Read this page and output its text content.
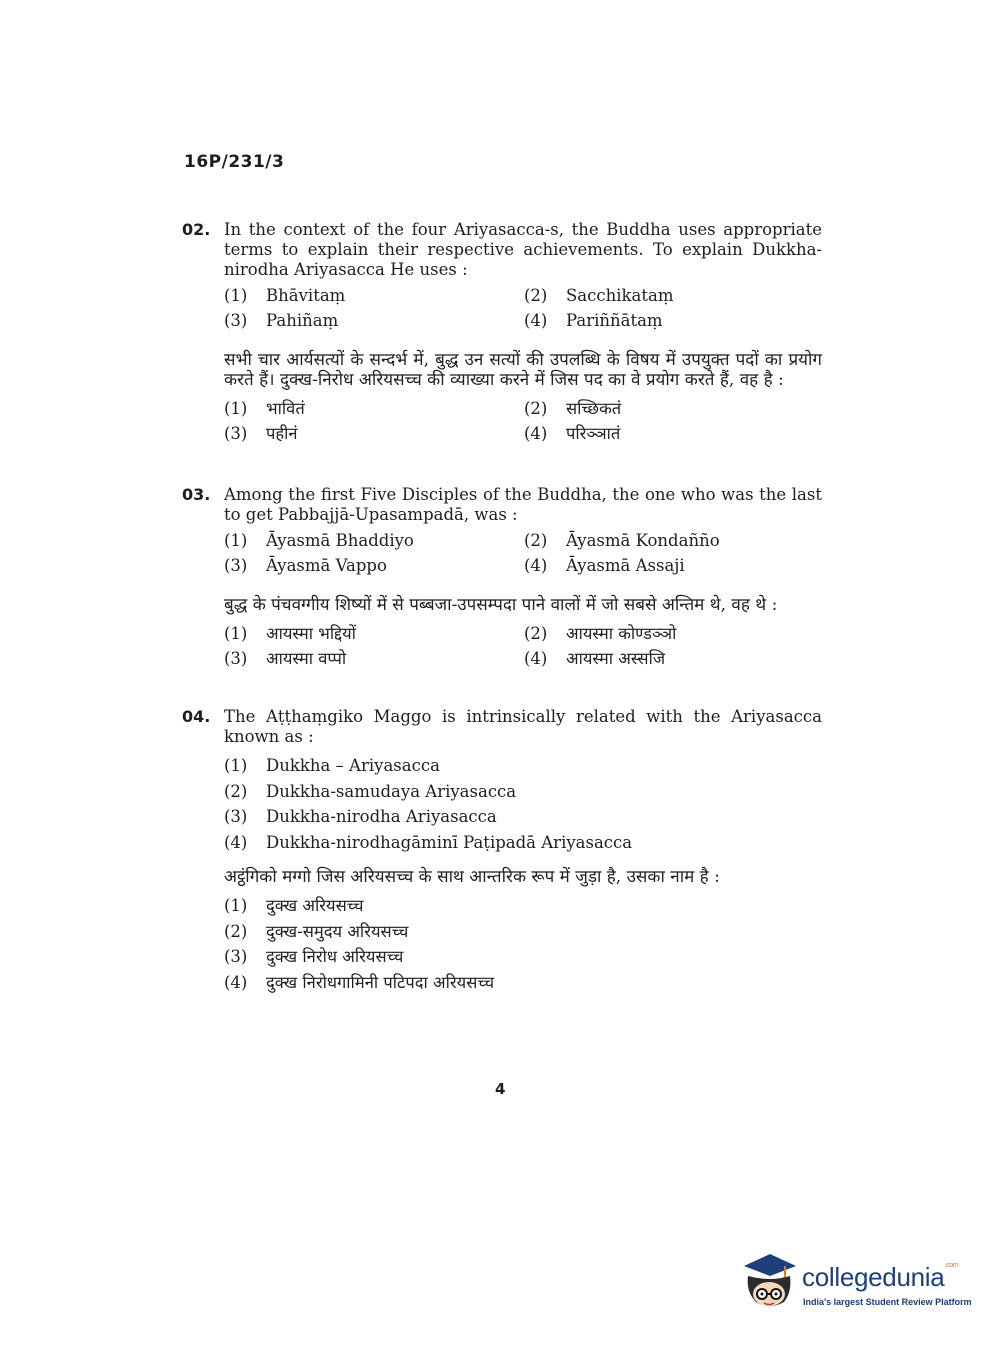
16P/231/3
02. In the context of the four Ariyasacca-s, the Buddha uses appropriate terms to explain their respective achievements. To explain Dukkha-nirodha Ariyasacca He uses :
(1) Bhāvitaṃ	(2) Sacchikataṃ
(3) Pahiñaṃ	(4) Pariññātaṃ
सभी चार आर्यसत्यों के सन्दर्भ में, बुद्ध उन सत्यों की उपलब्धि के विषय में उपयुक्त पदों का प्रयोग करते हैं। दुक्ख-निरोध अरियसच्च की व्याख्या करने में जिस पद का वे प्रयोग करते हैं, वह है :
(1) भावितं	(2) सच्छिकतं
(3) पहीनं	(4) परिञ्ञातं
03. Among the first Five Disciples of the Buddha, the one who was the last to get Pabbajjā-Upasampadā, was :
(1) Āyasmā Bhaddiyo	(2) Āyasmā Kondañño
(3) Āyasmā Vappo	(4) Āyasmā Assaji
बुद्ध के पंचवग्गीय शिष्यों में से पब्बजा-उपसम्पदा पाने वालों में जो सबसे अन्तिम थे, वह थे :
(1) आयस्मा भद्दियों	(2) आयस्मा कोण्डञ्ञो
(3) आयस्मा वप्पो	(4) आयस्मा अस्सजि
04. The Aṭṭhaṃgiko Maggo is intrinsically related with the Ariyasacca known as :
(1) Dukkha – Ariyasacca
(2) Dukkha-samudaya Ariyasacca
(3) Dukkha-nirodha Ariyasacca
(4) Dukkha-nirodhagāminī Paṭipadā Ariyasacca
अट्ठंगिको मग्गो जिस अरियसच्च के साथ आन्तरिक रूप में जुड़ा है, उसका नाम है :
(1) दुक्ख अरियसच्च
(2) दुक्ख-समुदय अरियसच्च
(3) दुक्ख निरोध अरियसच्च
(4) दुक्ख निरोधगामिनी पटिपदा अरियसच्च
4
collegedunia$^{.com}$
India's largest Student Review Platform
